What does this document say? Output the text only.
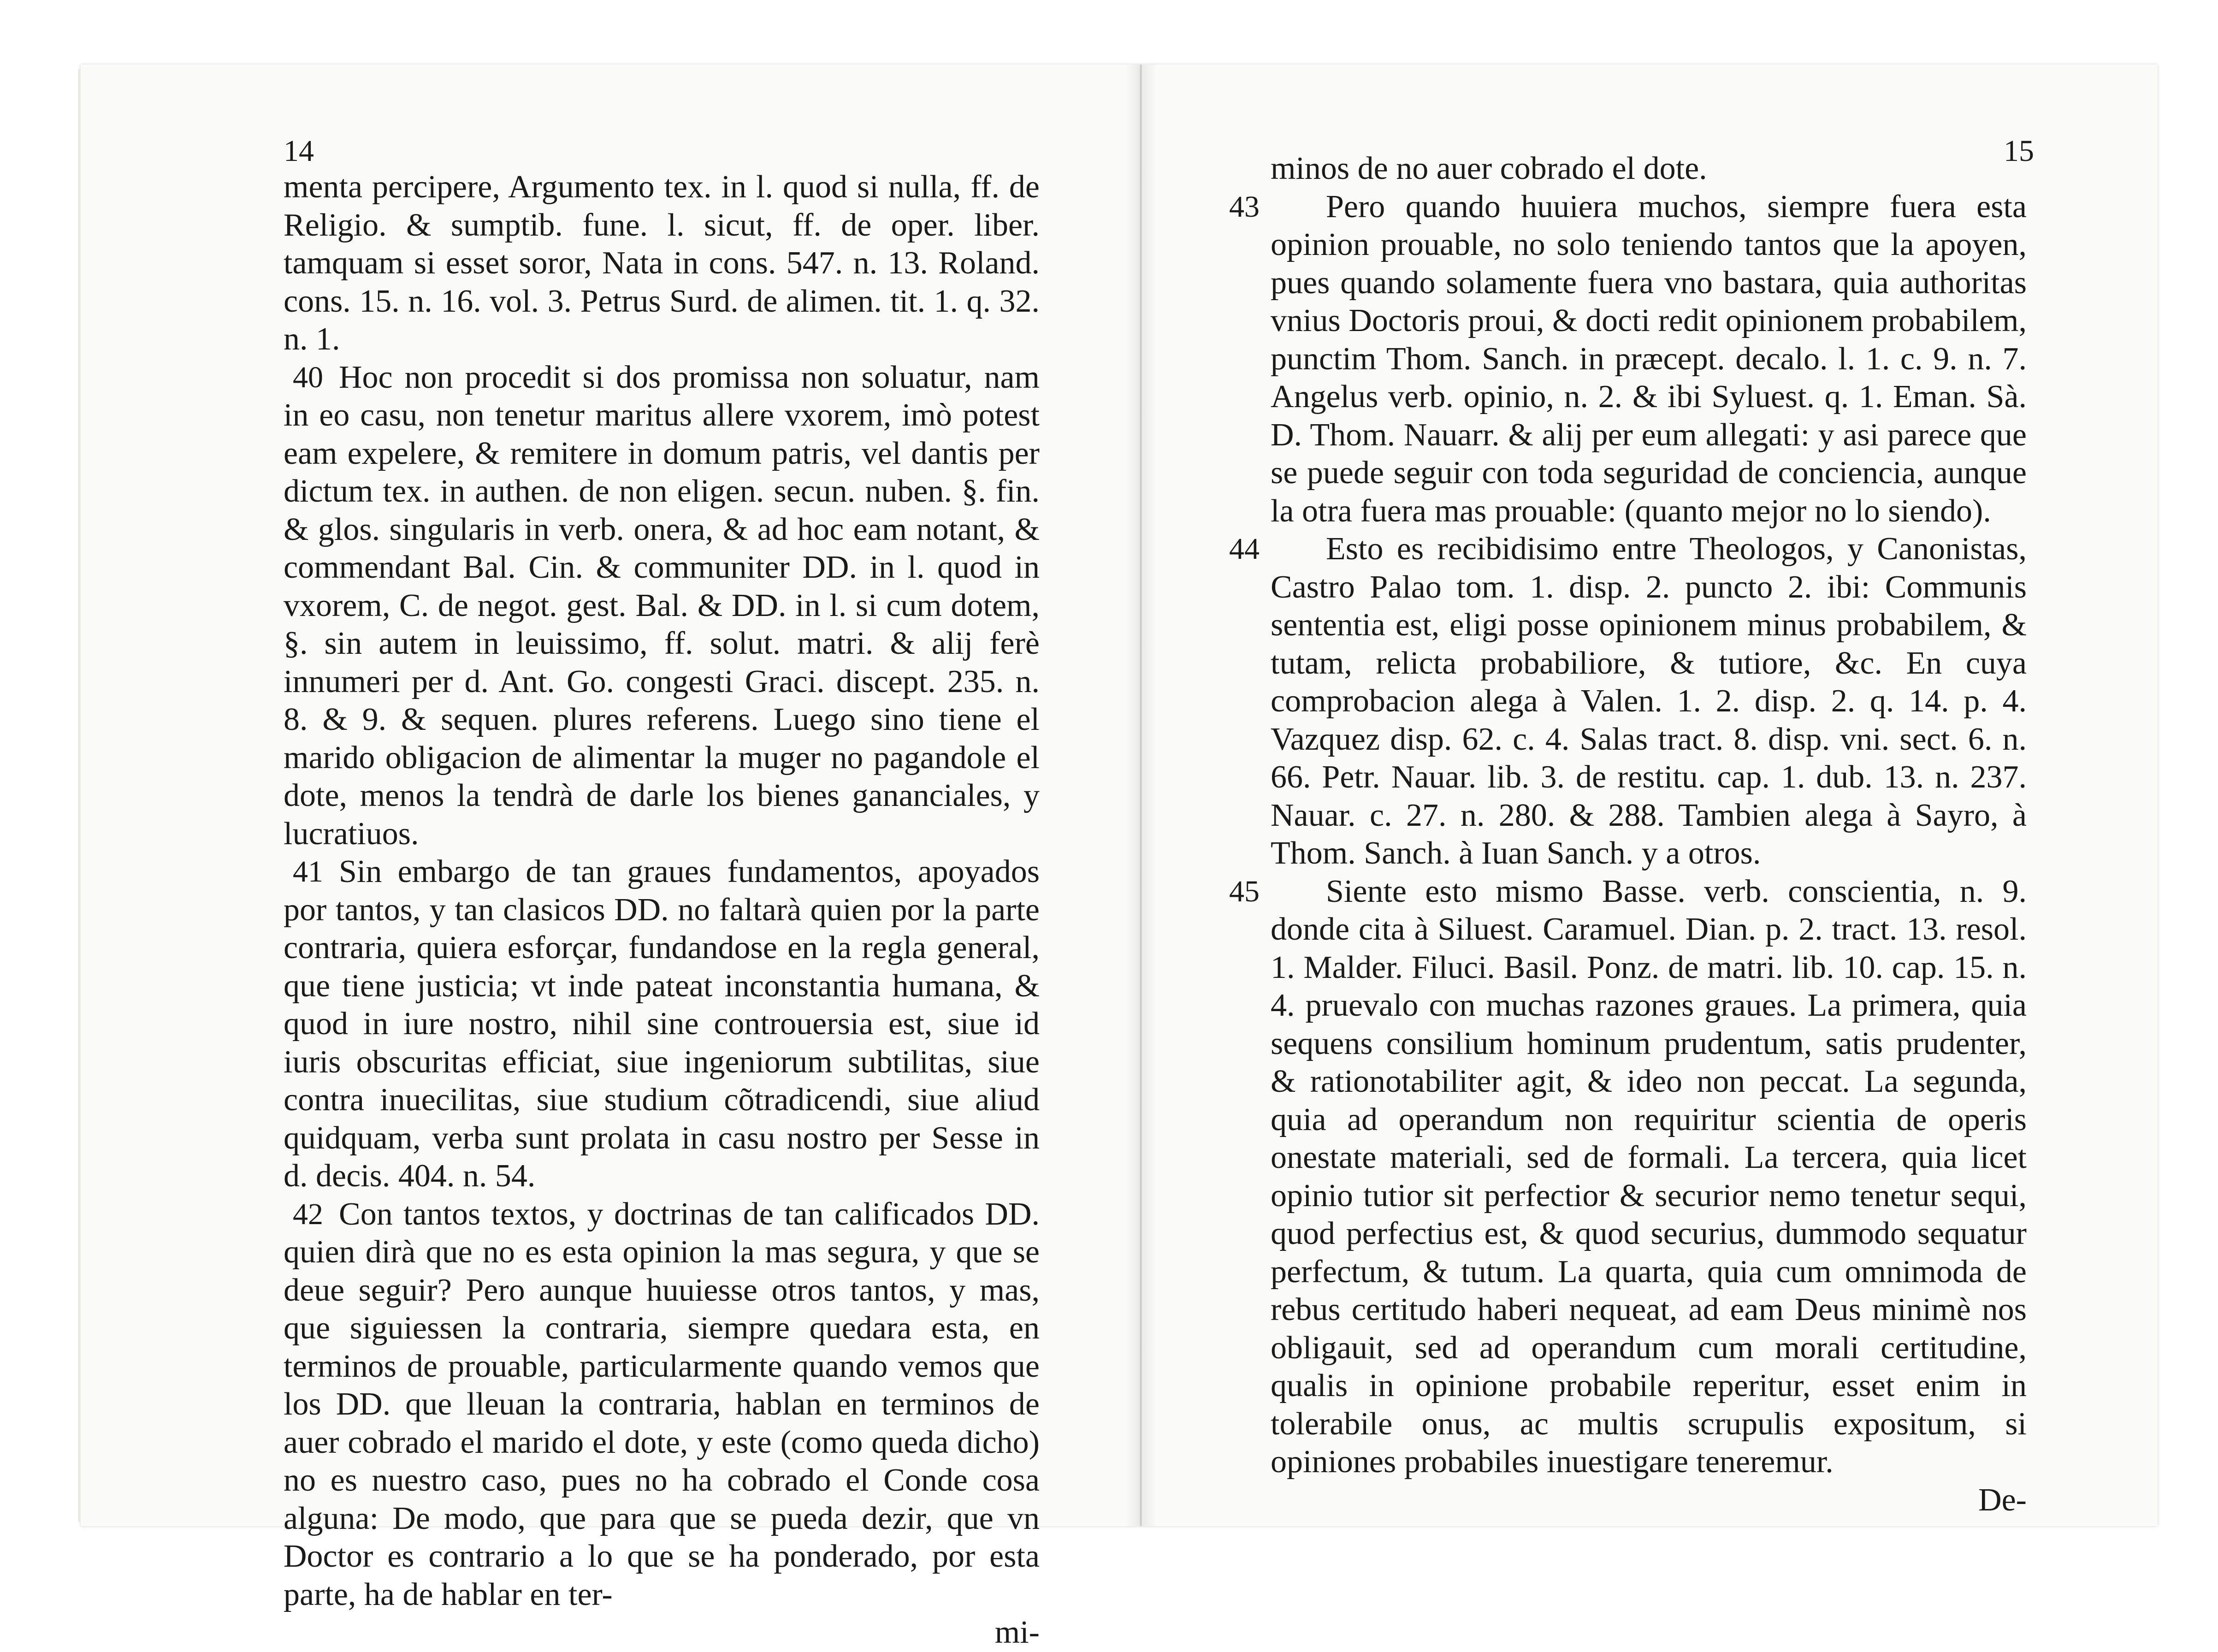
14

menta percipere, Argumento tex. in l. quod si nulla, ff. de Religio. & sumptib. fune. l. sicut, ff. de oper. liber. tamquam si esset soror, Nata in cons. 547. n. 13. Roland. cons. 15. n. 16. vol. 3. Petrus Surd. de alimen. tit. 1. q. 32. n. 1.

40 Hoc non procedit si dos promissa non soluatur, nam in eo casu, non tenetur maritus allere vxorem, imò potest eam expelere, & remitere in domum patris, vel dantis per dictum tex. in authen. de non eligen. secun. nuben. §. fin. & glos. singularis in verb. onera, & ad hoc eam notant, & commendant Bal. Cin. & communiter DD. in l. quod in vxorem, C. de negot. gest. Bal. & DD. in l. si cum dotem, §. sin autem in leuissimo, ff. solut. matri. & alij ferè innumeri per d. Ant. Go. congesti Graci. discept. 235. n. 8. & 9. & sequen. plures referens. Luego sino tiene el marido obligacion de alimentar la muger no pagandole el dote, menos la tendrà de darle los bienes gananciales, y lucratiuos.

41 Sin embargo de tan graues fundamentos, apoyados por tantos, y tan clasicos DD. no faltarà quien por la parte contraria, quiera esforçar, fundandose en la regla general, que tiene justicia; vt inde pateat inconstantia humana, & quod in iure nostro, nihil sine controuersia est, siue id iuris obscuritas efficiat, siue ingeniorum subtilitas, siue contra inuecilitas, siue studium cõtradicendi, siue aliud quidquam, verba sunt prolata in casu nostro per Sesse in d. decis. 404. n. 54.

42 Con tantos textos, y doctrinas de tan calificados DD. quien dirà que no es esta opinion la mas segura, y que se deue seguir? Pero aunque huuiesse otros tantos, y mas, que siguiessen la contraria, siempre quedara esta, en terminos de prouable, particularmente quando vemos que los DD. que lleuan la contraria, hablan en terminos de auer cobrado el marido el dote, y este (como queda dicho) no es nuestro caso, pues no ha cobrado el Conde cosa alguna: De modo, que para que se pueda dezir, que vn Doctor es contrario a lo que se ha ponderado, por esta parte, ha de hablar en ter-

mi-
15

minos de no auer cobrado el dote.

43 Pero quando huuiera muchos, siempre fuera esta opinion prouable, no solo teniendo tantos que la apoyen, pues quando solamente fuera vno bastara, quia authoritas vnius Doctoris proui, & docti redit opinionem probabilem, punctim Thom. Sanch. in præcept. decalo. l. 1. c. 9. n. 7. Angelus verb. opinio, n. 2. & ibi Syluest. q. 1. Eman. Sà. D. Thom. Nauarr. & alij per eum allegati: y asi parece que se puede seguir con toda seguridad de conciencia, aunque la otra fuera mas prouable: (quanto mejor no lo siendo).

44 Esto es recibidisimo entre Theologos, y Canonistas, Castro Palao tom. 1. disp. 2. puncto 2. ibi: Communis sententia est, eligi posse opinionem minus probabilem, & tutam, relicta probabiliore, & tutiore, &c. En cuya comprobacion alega à Valen. 1. 2. disp. 2. q. 14. p. 4. Vazquez disp. 62. c. 4. Salas tract. 8. disp. vni. sect. 6. n. 66. Petr. Nauar. lib. 3. de restitu. cap. 1. dub. 13. n. 237. Nauar. c. 27. n. 280. & 288. Tambien alega à Sayro, à Thom. Sanch. à Iuan Sanch. y a otros.

45 Siente esto mismo Basse. verb. conscientia, n. 9. donde cita à Siluest. Caramuel. Dian. p. 2. tract. 13. resol. 1. Malder. Filuci. Basil. Ponz. de matri. lib. 10. cap. 15. n. 4. pruevalo con muchas razones graues. La primera, quia sequens consilium hominum prudentum, satis prudenter, & rationotabiliter agit, & ideo non peccat. La segunda, quia ad operandum non requiritur scientia de operis onestate materiali, sed de formali. La tercera, quia licet opinio tutior sit perfectior & securior nemo tenetur sequi, quod perfectius est, & quod securius, dummodo sequatur perfectum, & tutum. La quarta, quia cum omnimoda de rebus certitudo haberi nequeat, ad eam Deus minimè nos obligauit, sed ad operandum cum morali certitudine, qualis in opinione probabile reperitur, esset enim in tolerabile onus, ac multis scrupulis expositum, si opiniones probabiles inuestigare teneremur.

De-
